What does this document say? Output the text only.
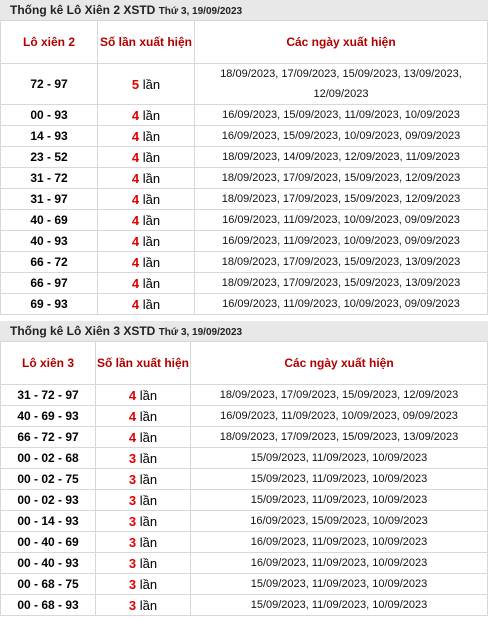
Thống kê Lô Xiên 2 XSTD Thứ 3, 19/09/2023
Lô xiên 2	Số lần xuất hiện	Các ngày xuất hiện
72 - 97	5 lần	18/09/2023, 17/09/2023, 15/09/2023, 13/09/2023, 12/09/2023
00 - 93	4 lần	16/09/2023, 15/09/2023, 11/09/2023, 10/09/2023
14 - 93	4 lần	16/09/2023, 15/09/2023, 10/09/2023, 09/09/2023
23 - 52	4 lần	18/09/2023, 14/09/2023, 12/09/2023, 11/09/2023
31 - 72	4 lần	18/09/2023, 17/09/2023, 15/09/2023, 12/09/2023
31 - 97	4 lần	18/09/2023, 17/09/2023, 15/09/2023, 12/09/2023
40 - 69	4 lần	16/09/2023, 11/09/2023, 10/09/2023, 09/09/2023
40 - 93	4 lần	16/09/2023, 11/09/2023, 10/09/2023, 09/09/2023
66 - 72	4 lần	18/09/2023, 17/09/2023, 15/09/2023, 13/09/2023
66 - 97	4 lần	18/09/2023, 17/09/2023, 15/09/2023, 13/09/2023
69 - 93	4 lần	16/09/2023, 11/09/2023, 10/09/2023, 09/09/2023
Thống kê Lô Xiên 3 XSTD Thứ 3, 19/09/2023
Lô xiên 3	Số lần xuất hiện	Các ngày xuất hiện
31 - 72 - 97	4 lần	18/09/2023, 17/09/2023, 15/09/2023, 12/09/2023
40 - 69 - 93	4 lần	16/09/2023, 11/09/2023, 10/09/2023, 09/09/2023
66 - 72 - 97	4 lần	18/09/2023, 17/09/2023, 15/09/2023, 13/09/2023
00 - 02 - 68	3 lần	15/09/2023, 11/09/2023, 10/09/2023
00 - 02 - 75	3 lần	15/09/2023, 11/09/2023, 10/09/2023
00 - 02 - 93	3 lần	15/09/2023, 11/09/2023, 10/09/2023
00 - 14 - 93	3 lần	16/09/2023, 15/09/2023, 10/09/2023
00 - 40 - 69	3 lần	16/09/2023, 11/09/2023, 10/09/2023
00 - 40 - 93	3 lần	16/09/2023, 11/09/2023, 10/09/2023
00 - 68 - 75	3 lần	15/09/2023, 11/09/2023, 10/09/2023
00 - 68 - 93	3 lần	15/09/2023, 11/09/2023, 10/09/2023
